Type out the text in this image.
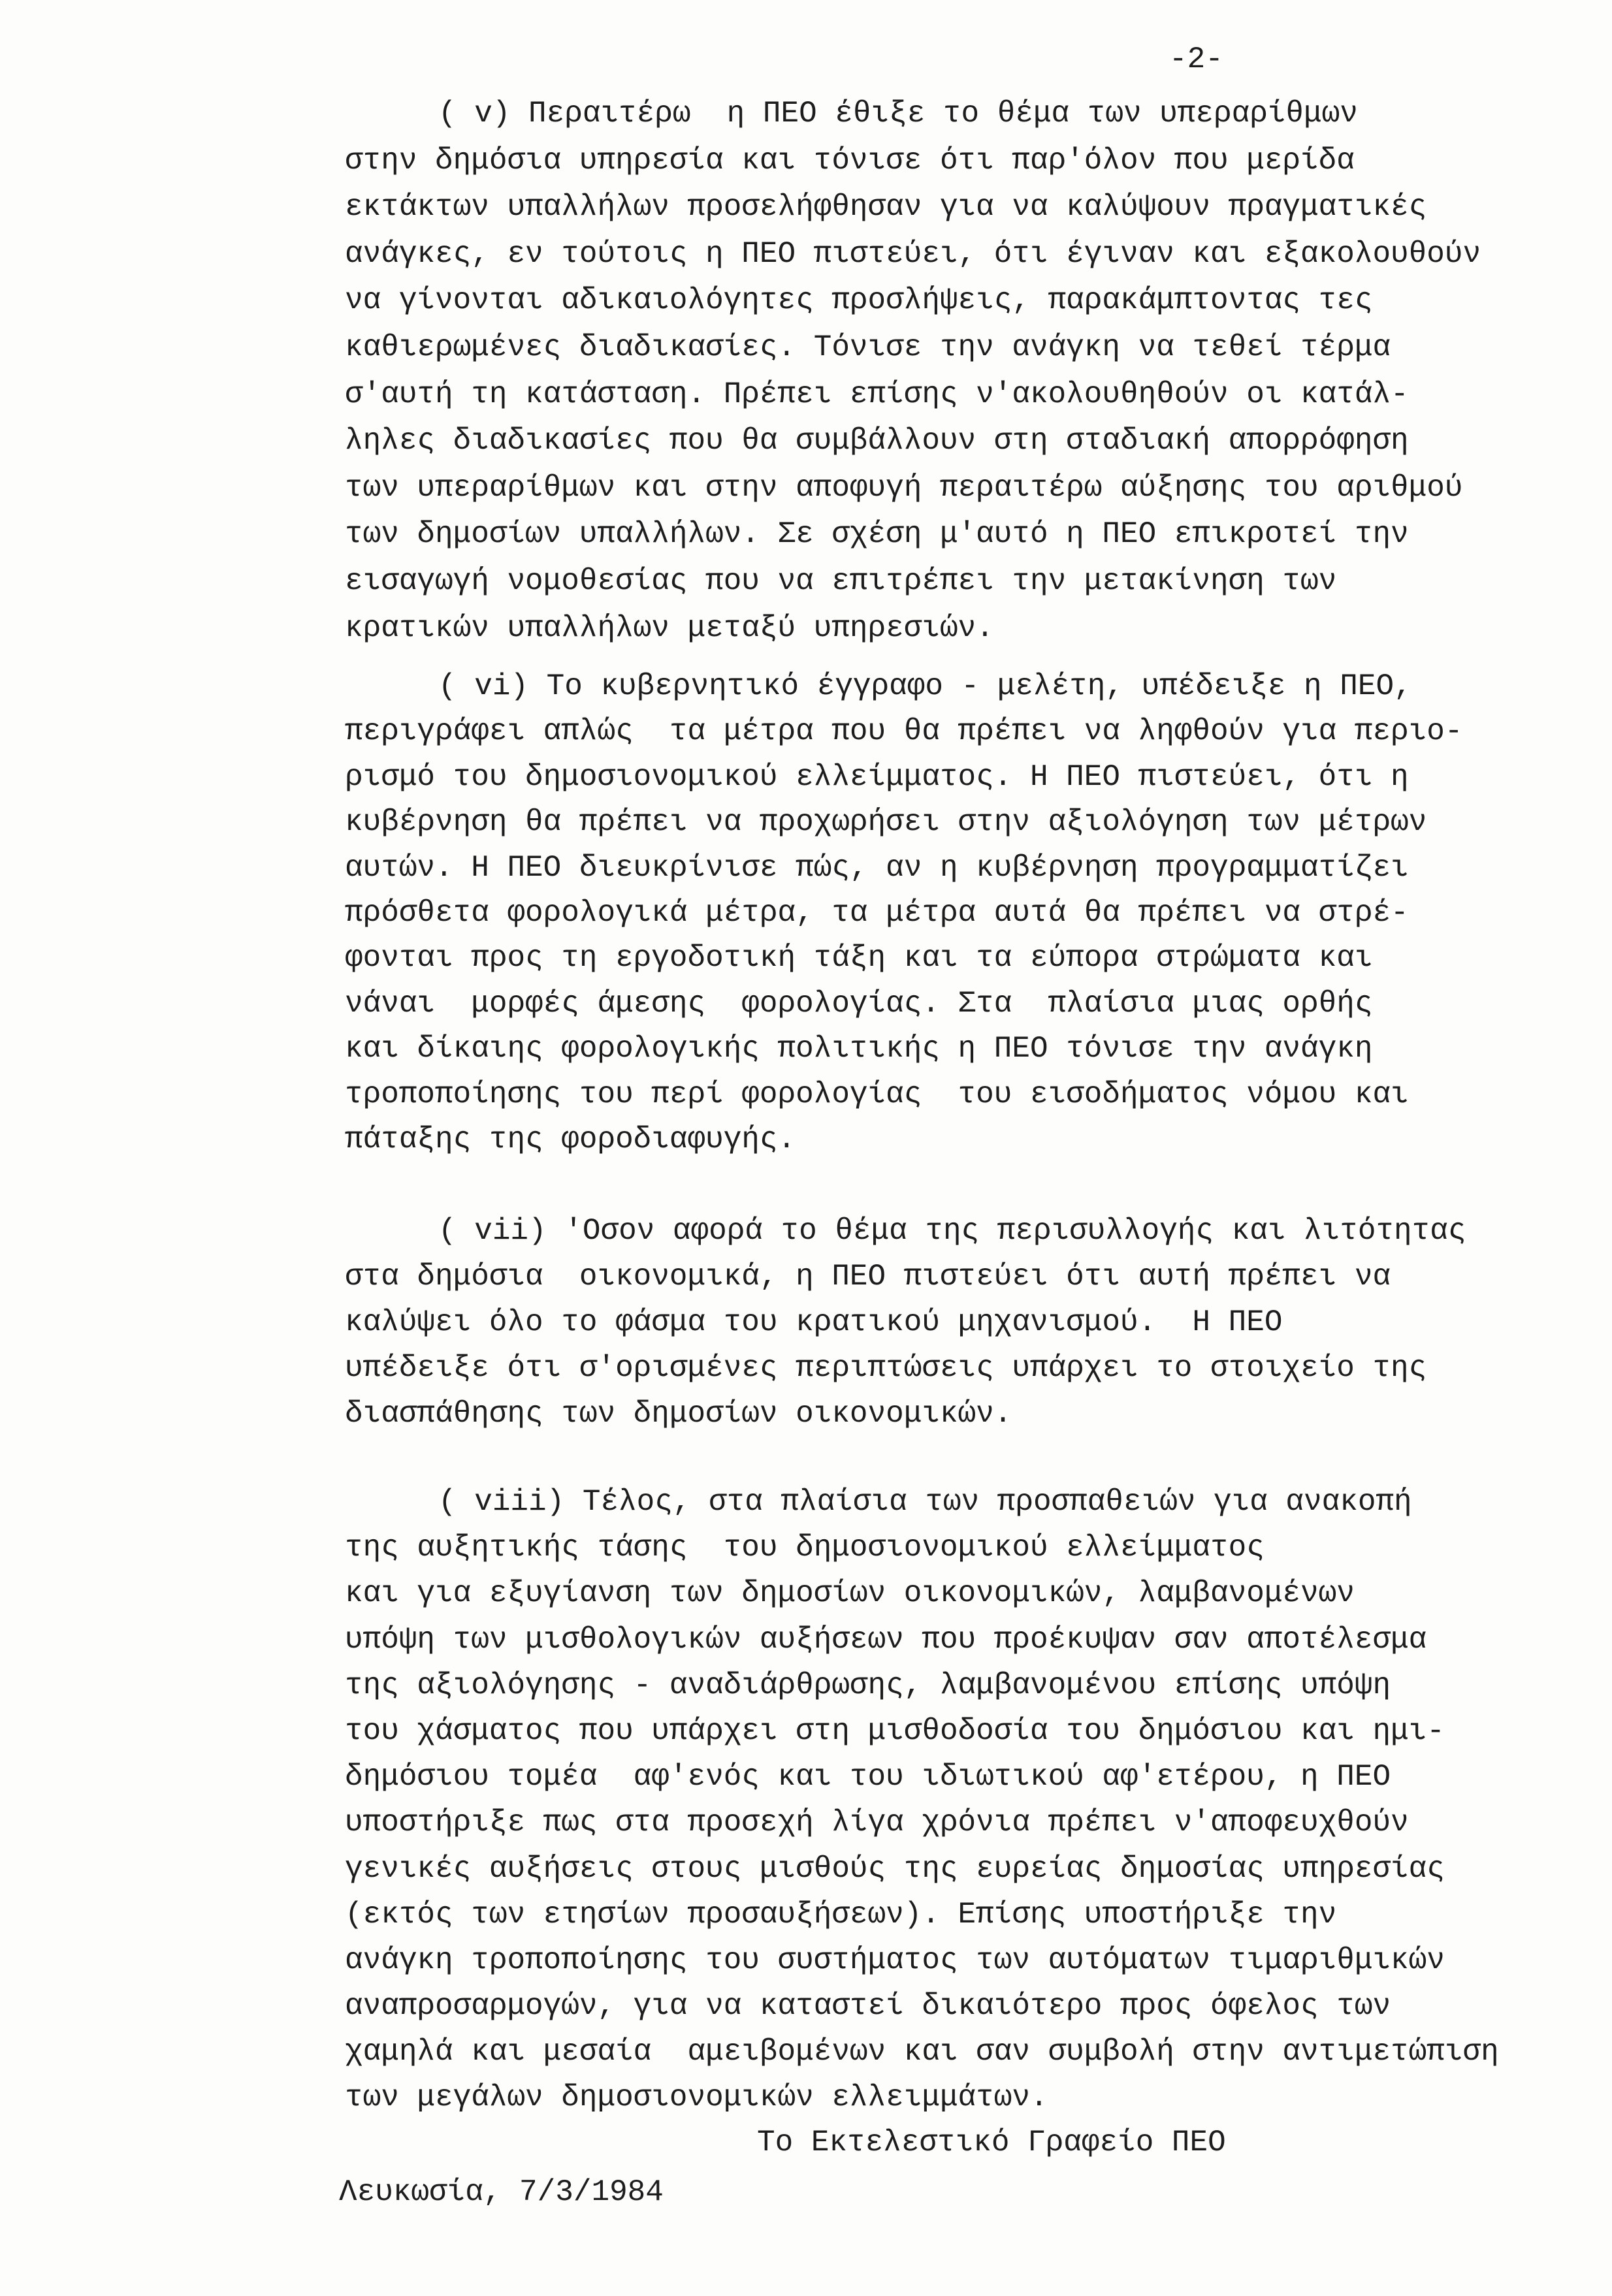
-2-
( v) Περαιτέρω  η ΠΕΟ έθιξε το θέμα των υπεραρίθμων
στην δημόσια υπηρεσία και τόνισε ότι παρ'όλον που μερίδα
εκτάκτων υπαλλήλων προσελήφθησαν για να καλύψουν πραγματικές
ανάγκες, εν τούτοις η ΠΕΟ πιστεύει, ότι έγιναν και εξακολουθούν
να γίνονται αδικαιολόγητες προσλήψεις, παρακάμπτοντας τες
καθιερωμένες διαδικασίες. Τόνισε την ανάγκη να τεθεί τέρμα
σ'αυτή τη κατάσταση. Πρέπει επίσης ν'ακολουθηθούν οι κατάλ-
ληλες διαδικασίες που θα συμβάλλουν στη σταδιακή απορρόφηση
των υπεραρίθμων και στην αποφυγή περαιτέρω αύξησης του αριθμού
των δημοσίων υπαλλήλων. Σε σχέση μ'αυτό η ΠΕΟ επικροτεί την
εισαγωγή νομοθεσίας που να επιτρέπει την μετακίνηση των
κρατικών υπαλλήλων μεταξύ υπηρεσιών.
( vi) Το κυβερνητικό έγγραφο - μελέτη, υπέδειξε η ΠΕΟ,
περιγράφει απλώς  τα μέτρα που θα πρέπει να ληφθούν για περιο-
ρισμό του δημοσιονομικού ελλείμματος. Η ΠΕΟ πιστεύει, ότι η
κυβέρνηση θα πρέπει να προχωρήσει στην αξιολόγηση των μέτρων
αυτών. Η ΠΕΟ διευκρίνισε πώς, αν η κυβέρνηση προγραμματίζει
πρόσθετα φορολογικά μέτρα, τα μέτρα αυτά θα πρέπει να στρέ-
φονται προς τη εργοδοτική τάξη και τα εύπορα στρώματα και
νάναι  μορφές άμεσης  φορολογίας. Στα  πλαίσια μιας ορθής
και δίκαιης φορολογικής πολιτικής η ΠΕΟ τόνισε την ανάγκη
τροποποίησης του περί φορολογίας  του εισοδήματος νόμου και
πάταξης της φοροδιαφυγής.
( vii) 'Οσον αφορά το θέμα της περισυλλογής και λιτότητας
στα δημόσια  οικονομικά, η ΠΕΟ πιστεύει ότι αυτή πρέπει να
καλύψει όλο το φάσμα του κρατικού μηχανισμού.  Η ΠΕΟ
υπέδειξε ότι σ'ορισμένες περιπτώσεις υπάρχει το στοιχείο της
διασπάθησης των δημοσίων οικονομικών.
( viii) Τέλος, στα πλαίσια των προσπαθειών για ανακοπή
της αυξητικής τάσης  του δημοσιονομικού ελλείμματος
και για εξυγίανση των δημοσίων οικονομικών, λαμβανομένων
υπόψη των μισθολογικών αυξήσεων που προέκυψαν σαν αποτέλεσμα
της αξιολόγησης - αναδιάρθρωσης, λαμβανομένου επίσης υπόψη
του χάσματος που υπάρχει στη μισθοδοσία του δημόσιου και ημι-
δημόσιου τομέα  αφ'ενός και του ιδιωτικού αφ'ετέρου, η ΠΕΟ
υποστήριξε πως στα προσεχή λίγα χρόνια πρέπει ν'αποφευχθούν
γενικές αυξήσεις στους μισθούς της ευρείας δημοσίας υπηρεσίας
(εκτός των ετησίων προσαυξήσεων). Επίσης υποστήριξε την
ανάγκη τροποποίησης του συστήματος των αυτόματων τιμαριθμικών
αναπροσαρμογών, για να καταστεί δικαιότερο προς όφελος των
χαμηλά και μεσαία  αμειβομένων και σαν συμβολή στην αντιμετώπιση
των μεγάλων δημοσιονομικών ελλειμμάτων.
Το Εκτελεστικό Γραφείο ΠΕΟ
Λευκωσία, 7/3/1984
